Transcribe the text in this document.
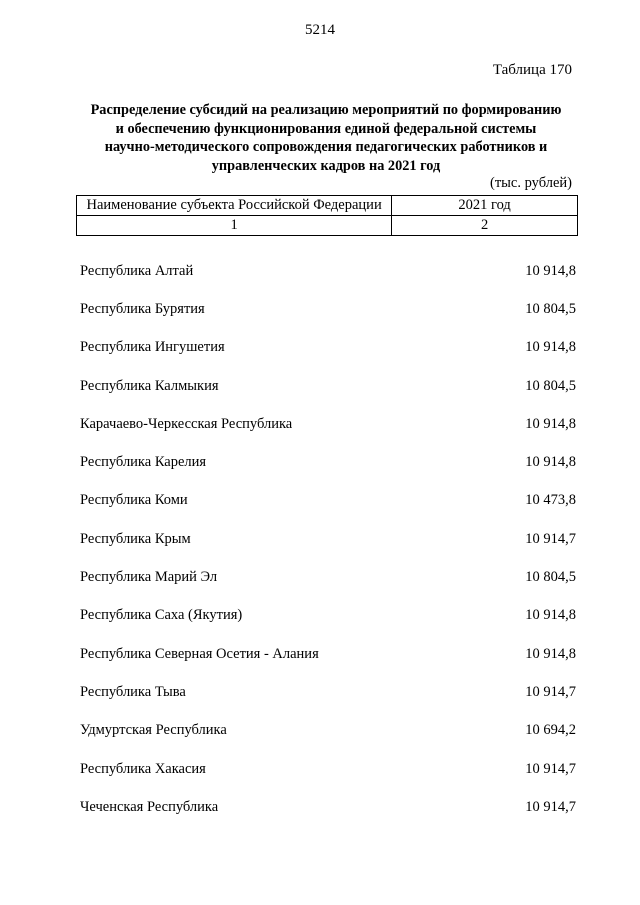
5214
Таблица 170
Распределение субсидий на реализацию мероприятий по формированию
и обеспечению функционирования единой федеральной системы
научно-методического сопровождения педагогических работников и
управленческих кадров на 2021 год
(тыс. рублей)
Наименование субъекта Российской Федерации	2021 год
1	2
Республика Алтай	10 914,8
Республика Бурятия	10 804,5
Республика Ингушетия	10 914,8
Республика Калмыкия	10 804,5
Карачаево-Черкесская Республика	10 914,8
Республика Карелия	10 914,8
Республика Коми	10 473,8
Республика Крым	10 914,7
Республика Марий Эл	10 804,5
Республика Саха (Якутия)	10 914,8
Республика Северная Осетия - Алания	10 914,8
Республика Тыва	10 914,7
Удмуртская Республика	10 694,2
Республика Хакасия	10 914,7
Чеченская Республика	10 914,7
